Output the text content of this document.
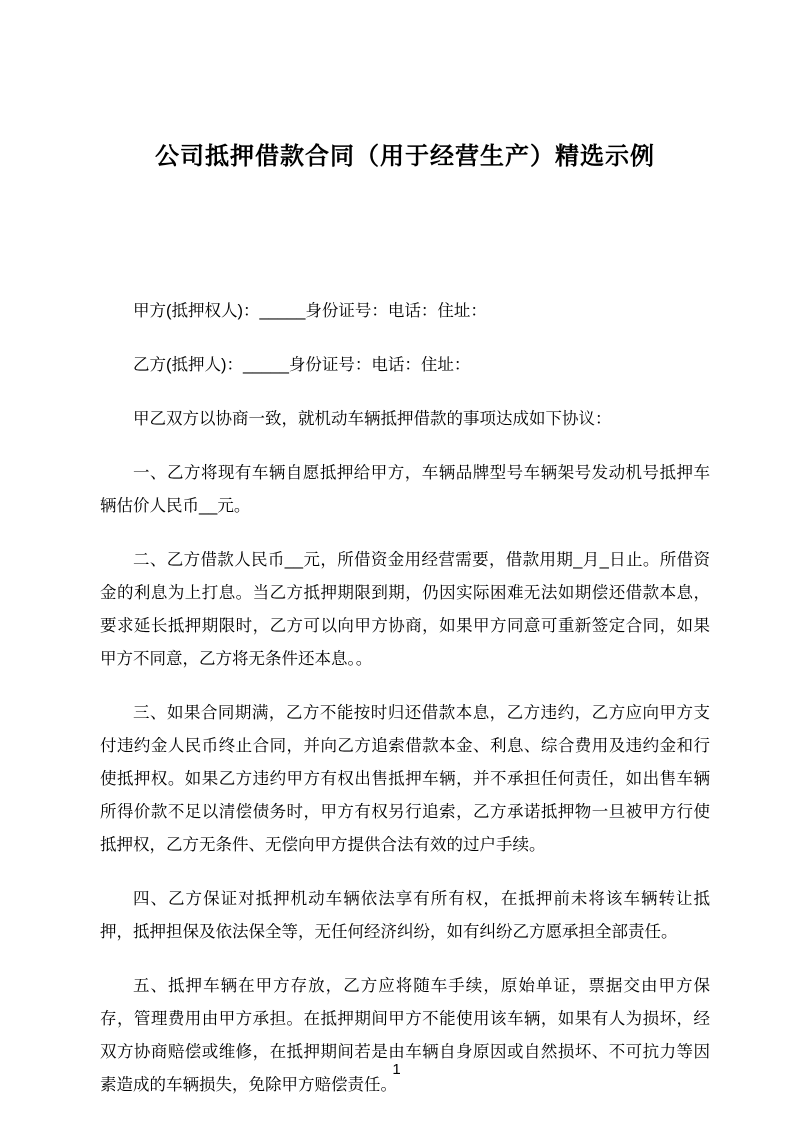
公司抵押借款合同（用于经营生产）精选示例

甲方(抵押权人)：_____身份证号：电话：住址：

乙方(抵押人)：_____身份证号：电话：住址：

甲乙双方以协商一致，就机动车辆抵押借款的事项达成如下协议：

一、乙方将现有车辆自愿抵押给甲方，车辆品牌型号车辆架号发动机号抵押车辆估价人民币__元。

二、乙方借款人民币__元，所借资金用经营需要，借款用期_月_日止。所借资金的利息为上打息。当乙方抵押期限到期，仍因实际困难无法如期偿还借款本息，要求延长抵押期限时，乙方可以向甲方协商，如果甲方同意可重新签定合同，如果甲方不同意，乙方将无条件还本息。。

三、如果合同期满，乙方不能按时归还借款本息，乙方违约，乙方应向甲方支付违约金人民币终止合同，并向乙方追索借款本金、利息、综合费用及违约金和行使抵押权。如果乙方违约甲方有权出售抵押车辆，并不承担任何责任，如出售车辆所得价款不足以清偿债务时，甲方有权另行追索，乙方承诺抵押物一旦被甲方行使抵押权，乙方无条件、无偿向甲方提供合法有效的过户手续。

四、乙方保证对抵押机动车辆依法享有所有权，在抵押前未将该车辆转让抵押，抵押担保及依法保全等，无任何经济纠纷，如有纠纷乙方愿承担全部责任。

五、抵押车辆在甲方存放，乙方应将随车手续，原始单证，票据交由甲方保存，管理费用由甲方承担。在抵押期间甲方不能使用该车辆，如果有人为损坏，经双方协商赔偿或维修，在抵押期间若是由车辆自身原因或自然损坏、不可抗力等因素造成的车辆损失，免除甲方赔偿责任。

1
